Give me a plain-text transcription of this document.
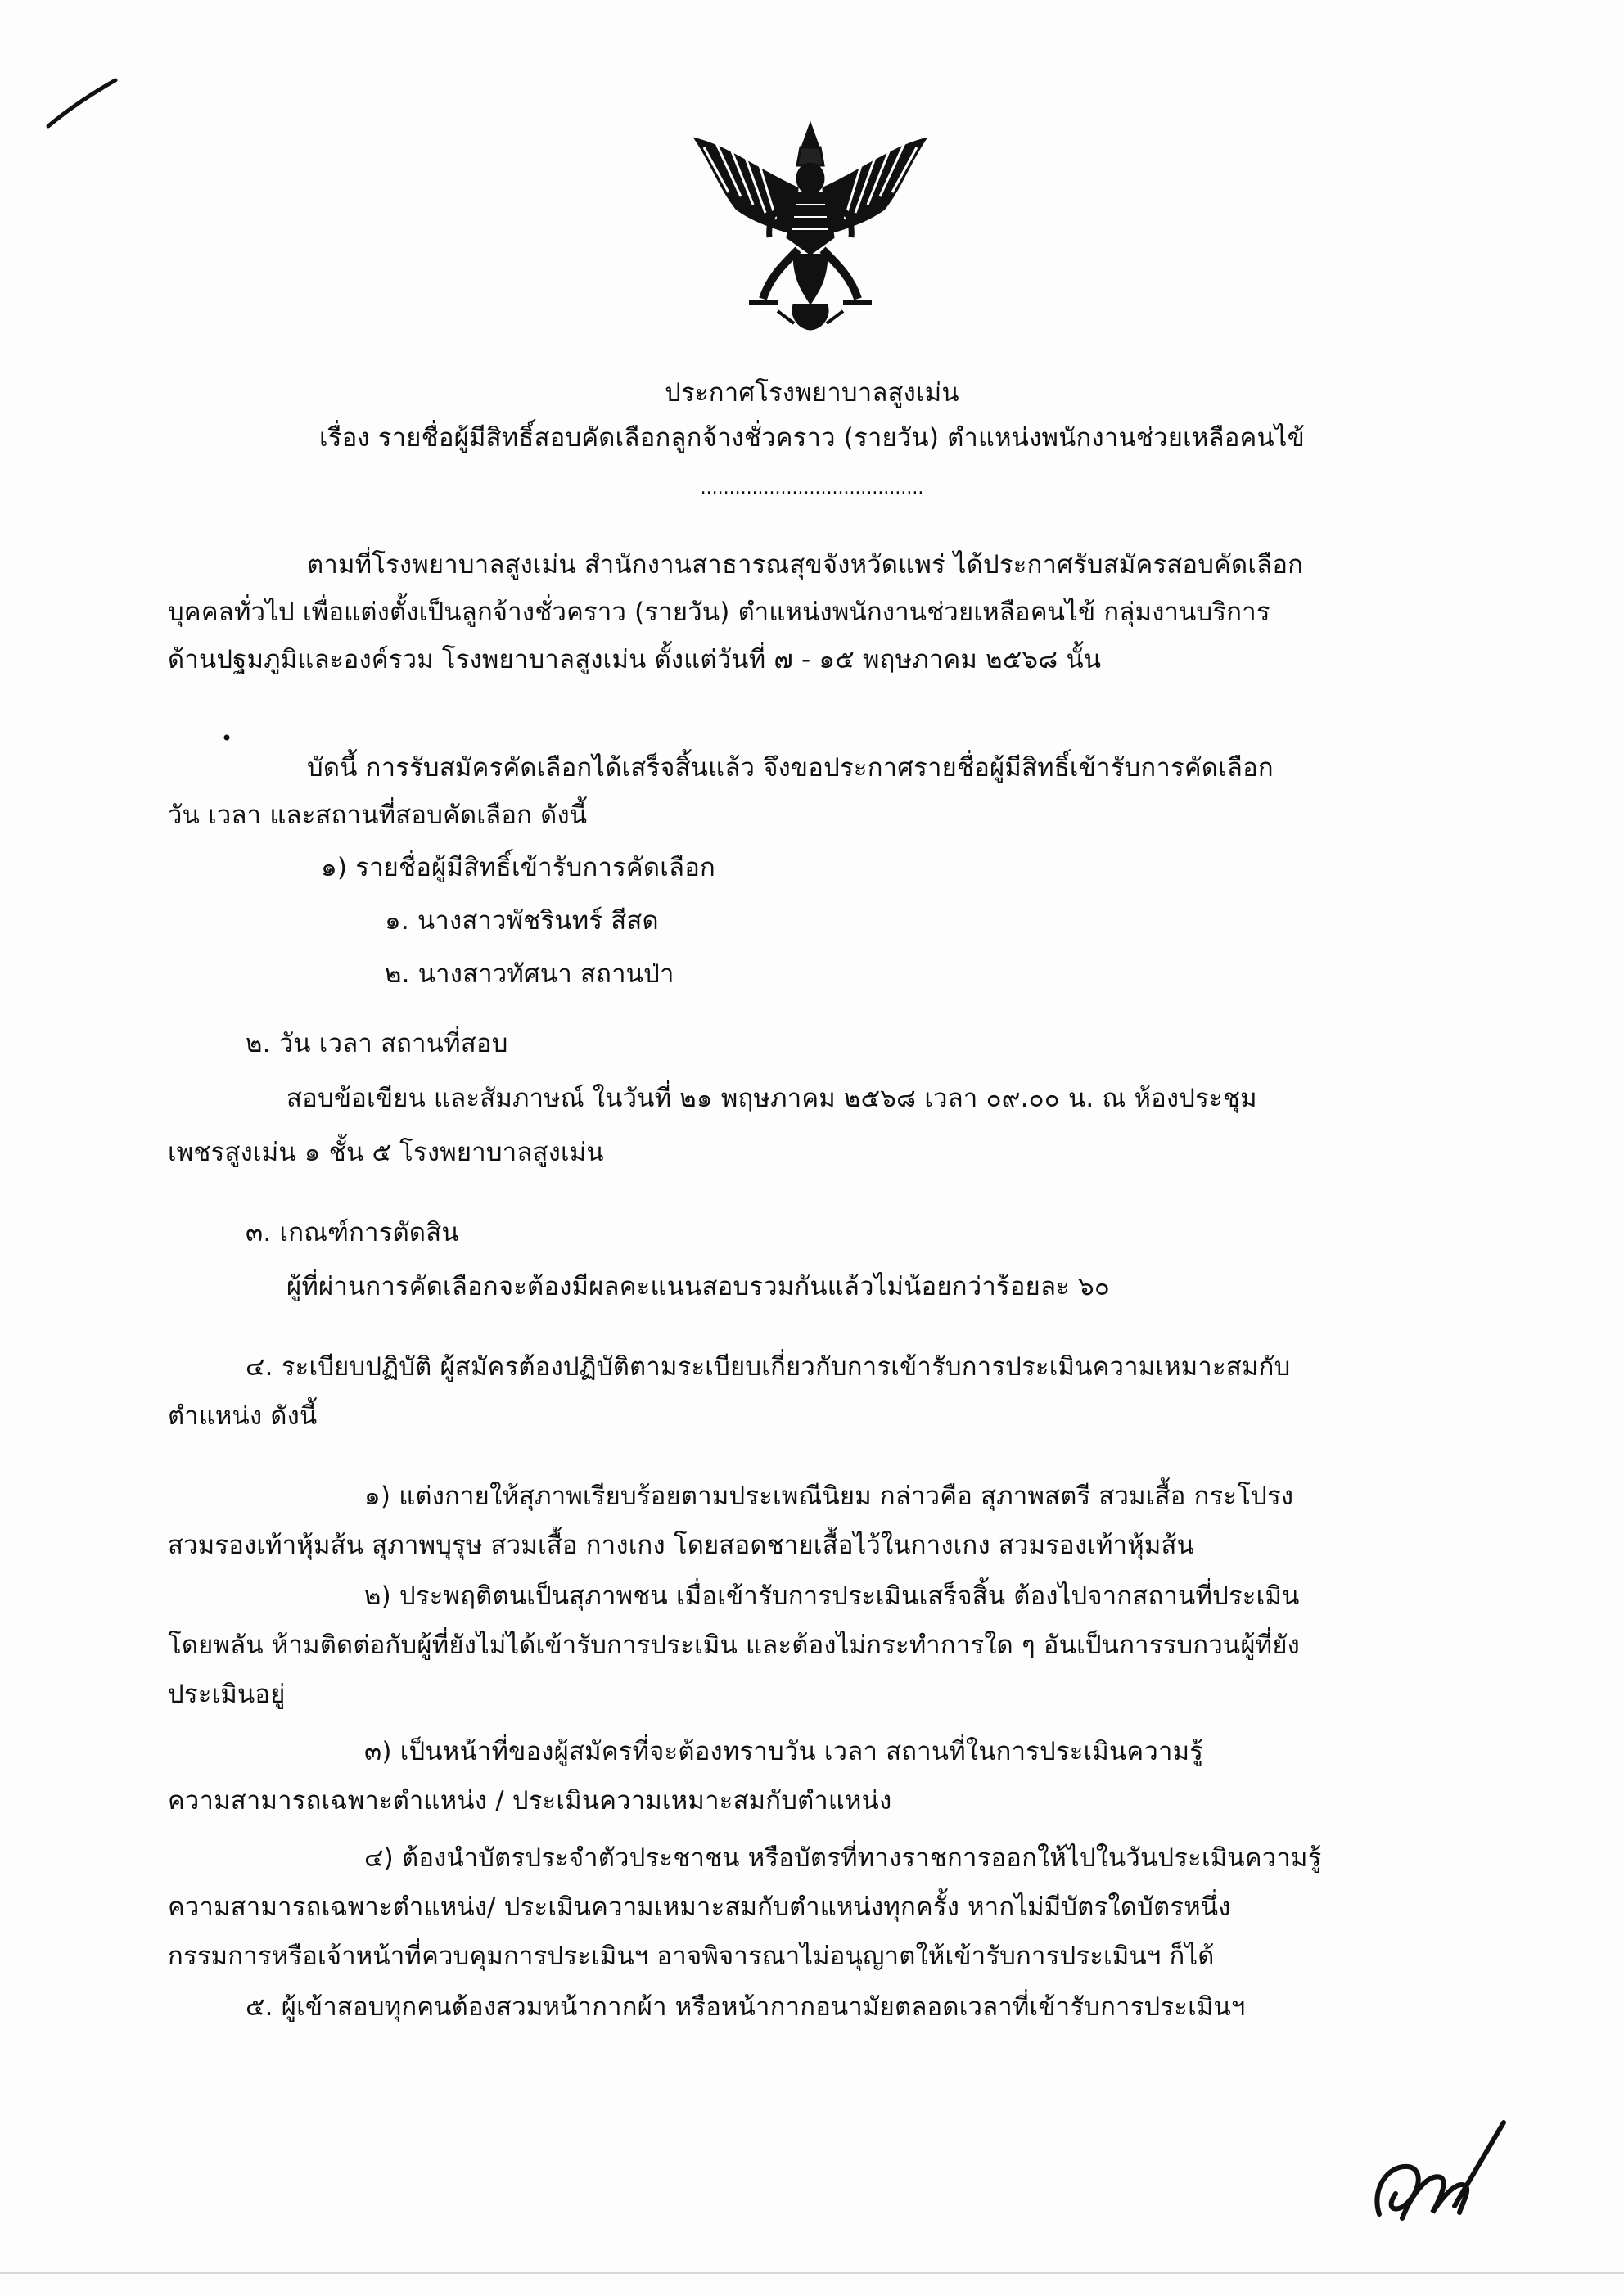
ประกาศโรงพยาบาลสูงเม่น
เรื่อง รายชื่อผู้มีสิทธิ์สอบคัดเลือกลูกจ้างชั่วคราว (รายวัน) ตำแหน่งพนักงานช่วยเหลือคนไข้
.......................................
ตามที่โรงพยาบาลสูงเม่น สำนักงานสาธารณสุขจังหวัดแพร่ ได้ประกาศรับสมัครสอบคัดเลือก
บุคคลทั่วไป เพื่อแต่งตั้งเป็นลูกจ้างชั่วคราว (รายวัน) ตำแหน่งพนักงานช่วยเหลือคนไข้ กลุ่มงานบริการ
ด้านปฐมภูมิและองค์รวม โรงพยาบาลสูงเม่น ตั้งแต่วันที่ ๗ - ๑๕ พฤษภาคม ๒๕๖๘ นั้น
บัดนี้ การรับสมัครคัดเลือกได้เสร็จสิ้นแล้ว จึงขอประกาศรายชื่อผู้มีสิทธิ์เข้ารับการคัดเลือก
วัน เวลา และสถานที่สอบคัดเลือก ดังนี้
๑) รายชื่อผู้มีสิทธิ์เข้ารับการคัดเลือก
๑. นางสาวพัชรินทร์ สีสด
๒. นางสาวทัศนา สถานป่า
๒. วัน เวลา สถานที่สอบ
สอบข้อเขียน และสัมภาษณ์ ในวันที่ ๒๑ พฤษภาคม ๒๕๖๘ เวลา ๐๙.๐๐ น. ณ ห้องประชุม
เพชรสูงเม่น ๑ ชั้น ๕ โรงพยาบาลสูงเม่น
๓. เกณฑ์การตัดสิน
ผู้ที่ผ่านการคัดเลือกจะต้องมีผลคะแนนสอบรวมกันแล้วไม่น้อยกว่าร้อยละ ๖๐
๔. ระเบียบปฏิบัติ ผู้สมัครต้องปฏิบัติตามระเบียบเกี่ยวกับการเข้ารับการประเมินความเหมาะสมกับ
ตำแหน่ง ดังนี้
๑) แต่งกายให้สุภาพเรียบร้อยตามประเพณีนิยม กล่าวคือ สุภาพสตรี สวมเสื้อ กระโปรง
สวมรองเท้าหุ้มส้น สุภาพบุรุษ สวมเสื้อ กางเกง โดยสอดชายเสื้อไว้ในกางเกง สวมรองเท้าหุ้มส้น
๒) ประพฤติตนเป็นสุภาพชน เมื่อเข้ารับการประเมินเสร็จสิ้น ต้องไปจากสถานที่ประเมิน
โดยพลัน ห้ามติดต่อกับผู้ที่ยังไม่ได้เข้ารับการประเมิน และต้องไม่กระทำการใด ๆ อันเป็นการรบกวนผู้ที่ยัง
ประเมินอยู่
๓) เป็นหน้าที่ของผู้สมัครที่จะต้องทราบวัน เวลา สถานที่ในการประเมินความรู้
ความสามารถเฉพาะตำแหน่ง / ประเมินความเหมาะสมกับตำแหน่ง
๔) ต้องนำบัตรประจำตัวประชาชน หรือบัตรที่ทางราชการออกให้ไปในวันประเมินความรู้
ความสามารถเฉพาะตำแหน่ง/ ประเมินความเหมาะสมกับตำแหน่งทุกครั้ง หากไม่มีบัตรใดบัตรหนึ่ง
กรรมการหรือเจ้าหน้าที่ควบคุมการประเมินฯ อาจพิจารณาไม่อนุญาตให้เข้ารับการประเมินฯ ก็ได้
๕. ผู้เข้าสอบทุกคนต้องสวมหน้ากากผ้า หรือหน้ากากอนามัยตลอดเวลาที่เข้ารับการประเมินฯ
